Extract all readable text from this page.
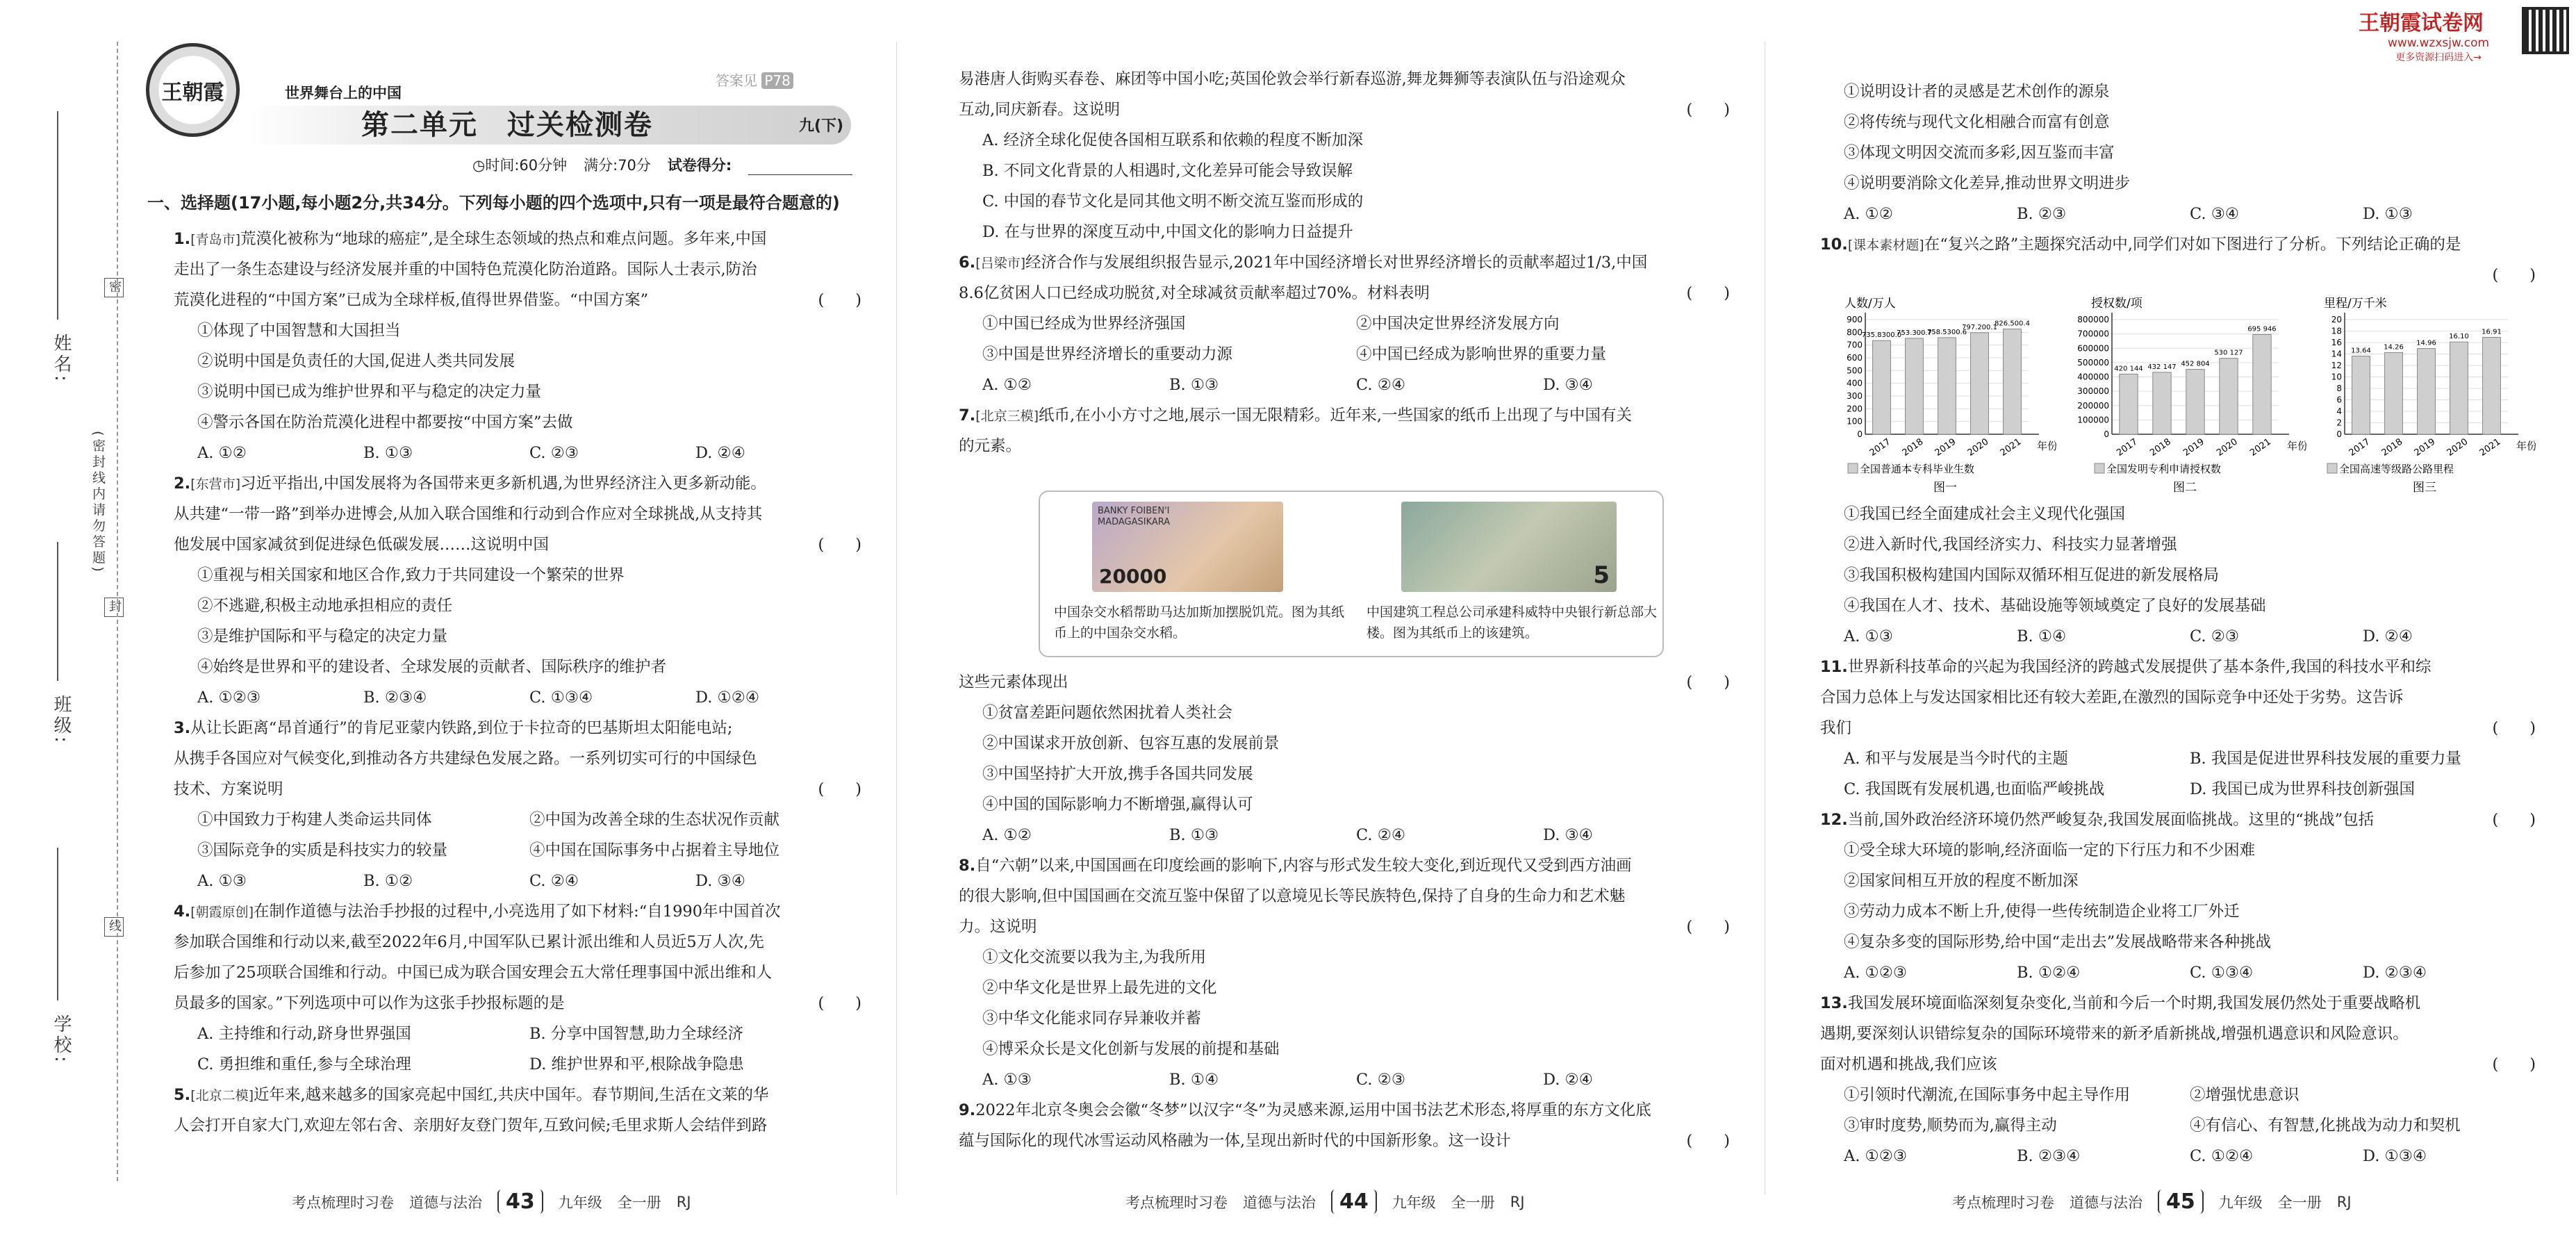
王朝霞试卷网
www.wzxsjw.com
更多资源扫码进入→
姓名:
班级:
学校:
(密封线内请勿答题)
密
封
线
王朝霞	世界舞台上的中国
答案见 P78
第二单元　过关检测卷	九(下)
◷时间:60分钟 满分:70分 试卷得分:
一、选择题(17小题,每小题2分,共34分。下列每小题的四个选项中,只有一项是最符合题意的)
1.[青岛市]荒漠化被称为“地球的癌症”,是全球生态领域的热点和难点问题。多年来,中国
走出了一条生态建设与经济发展并重的中国特色荒漠化防治道路。国际人士表示,防治
荒漠化进程的“中国方案”已成为全球样板,值得世界借鉴。“中国方案”	(　　)
①体现了中国智慧和大国担当
②说明中国是负责任的大国,促进人类共同发展
③说明中国已成为维护世界和平与稳定的决定力量
④警示各国在防治荒漠化进程中都要按“中国方案”去做
A. ①②	B. ①③	C. ②③	D. ②④
2.[东营市]习近平指出,中国发展将为各国带来更多新机遇,为世界经济注入更多新动能。
从共建“一带一路”到举办进博会,从加入联合国维和行动到合作应对全球挑战,从支持其
他发展中国家减贫到促进绿色低碳发展……这说明中国	(　　)
①重视与相关国家和地区合作,致力于共同建设一个繁荣的世界
②不逃避,积极主动地承担相应的责任
③是维护国际和平与稳定的决定力量
④始终是世界和平的建设者、全球发展的贡献者、国际秩序的维护者
A. ①②③	B. ②③④	C. ①③④	D. ①②④
3.从让长距离“昂首通行”的肯尼亚蒙内铁路,到位于卡拉奇的巴基斯坦太阳能电站;
从携手各国应对气候变化,到推动各方共建绿色发展之路。一系列切实可行的中国绿色
技术、方案说明	(　　)
①中国致力于构建人类命运共同体	②中国为改善全球的生态状况作贡献
③国际竞争的实质是科技实力的较量	④中国在国际事务中占据着主导地位
A. ①③	B. ①②	C. ②④	D. ③④
4.[朝霞原创]在制作道德与法治手抄报的过程中,小亮选用了如下材料:“自1990年中国首次
参加联合国维和行动以来,截至2022年6月,中国军队已累计派出维和人员近5万人次,先
后参加了25项联合国维和行动。中国已成为联合国安理会五大常任理事国中派出维和人
员最多的国家。”下列选项中可以作为这张手抄报标题的是	(　　)
A. 主持维和行动,跻身世界强国	B. 分享中国智慧,助力全球经济
C. 勇担维和重任,参与全球治理	D. 维护世界和平,根除战争隐患
5.[北京二模]近年来,越来越多的国家亮起中国红,共庆中国年。春节期间,生活在文莱的华
人会打开自家大门,欢迎左邻右舍、亲朋好友登门贺年,互致问候;毛里求斯人会结伴到路
易港唐人街购买春卷、麻团等中国小吃;英国伦敦会举行新春巡游,舞龙舞狮等表演队伍与沿途观众
互动,同庆新春。这说明	(　　)
A. 经济全球化促使各国相互联系和依赖的程度不断加深
B. 不同文化背景的人相遇时,文化差异可能会导致误解
C. 中国的春节文化是同其他文明不断交流互鉴而形成的
D. 在与世界的深度互动中,中国文化的影响力日益提升
6.[吕梁市]经济合作与发展组织报告显示,2021年中国经济增长对世界经济增长的贡献率超过1/3,中国
8.6亿贫困人口已经成功脱贫,对全球减贫贡献率超过70%。材料表明	(　　)
①中国已经成为世界经济强国	②中国决定世界经济发展方向
③中国是世界经济增长的重要动力源	④中国已经成为影响世界的重要力量
A. ①②	B. ①③	C. ②④	D. ③④
7.[北京三模]纸币,在小小方寸之地,展示一国无限精彩。近年来,一些国家的纸币上出现了与中国有关
的元素。
BANKY FOIBEN'I MADAGASIKARA
20000	5
中国杂交水稻帮助马达加斯加摆脱饥荒。图为其纸币上的中国杂交水稻。
中国建筑工程总公司承建科威特中央银行新总部大楼。图为其纸币上的该建筑。
这些元素体现出	(　　)
①贫富差距问题依然困扰着人类社会
②中国谋求开放创新、包容互惠的发展前景
③中国坚持扩大开放,携手各国共同发展
④中国的国际影响力不断增强,赢得认可
A. ①②	B. ①③	C. ②④	D. ③④
8.自“六朝”以来,中国国画在印度绘画的影响下,内容与形式发生较大变化,到近现代又受到西方油画
的很大影响,但中国国画在交流互鉴中保留了以意境见长等民族特色,保持了自身的生命力和艺术魅
力。这说明	(　　)
①文化交流要以我为主,为我所用
②中华文化是世界上最先进的文化
③中华文化能求同存异兼收并蓄
④博采众长是文化创新与发展的前提和基础
A. ①③	B. ①④	C. ②③	D. ②④
9.2022年北京冬奥会会徽“冬梦”以汉字“冬”为灵感来源,运用中国书法艺术形态,将厚重的东方文化底
蕴与国际化的现代冰雪运动风格融为一体,呈现出新时代的中国新形象。这一设计	(　　)
①说明设计者的灵感是艺术创作的源泉
②将传统与现代文化相融合而富有创意
③体现文明因交流而多彩,因互鉴而丰富
④说明要消除文化差异,推动世界文明进步
A. ①②	B. ②③	C. ③④	D. ①③
10.[课本素材题]在“复兴之路”主题探究活动中,同学们对如下图进行了分析。下列结论正确的是
(　　)
人数/万人
0
100
200
300
400
500
600
700
800
900
735.8300.0
2017
753.300.7
2018
758.5300.6
2019
797.200.1
2020
826.500.4
2021 年份
全国普通本专科毕业生数
图一
授权数/项
0
100000
200000
300000
400000
500000
600000
700000
800000
420 144
2017
432 147
2018
452 804
2019
530 127
2020
695 946
2021 年份
全国发明专利申请授权数
图二
里程/万千米
0
2
4
6
8
10
12
14
16
18
20
13.64
2017
14.26
2018
14.96
2019
16.10
2020
16.91
2021 年份
全国高速等级路公路里程
图三
①我国已经全面建成社会主义现代化强国
②进入新时代,我国经济实力、科技实力显著增强
③我国积极构建国内国际双循环相互促进的新发展格局
④我国在人才、技术、基础设施等领域奠定了良好的发展基础
A. ①③	B. ①④	C. ②③	D. ②④
11.世界新科技革命的兴起为我国经济的跨越式发展提供了基本条件,我国的科技水平和综
合国力总体上与发达国家相比还有较大差距,在激烈的国际竞争中还处于劣势。这告诉
我们	(　　)
A. 和平与发展是当今时代的主题	B. 我国是促进世界科技发展的重要力量
C. 我国既有发展机遇,也面临严峻挑战	D. 我国已成为世界科技创新强国
12.当前,国外政治经济环境仍然严峻复杂,我国发展面临挑战。这里的“挑战”包括	(　　)
①受全球大环境的影响,经济面临一定的下行压力和不少困难
②国家间相互开放的程度不断加深
③劳动力成本不断上升,使得一些传统制造企业将工厂外迁
④复杂多变的国际形势,给中国“走出去”发展战略带来各种挑战
A. ①②③	B. ①②④	C. ①③④	D. ②③④
13.我国发展环境面临深刻复杂变化,当前和今后一个时期,我国发展仍然处于重要战略机
遇期,要深刻认识错综复杂的国际环境带来的新矛盾新挑战,增强机遇意识和风险意识。
面对机遇和挑战,我们应该	(　　)
①引领时代潮流,在国际事务中起主导作用	②增强忧患意识
③审时度势,顺势而为,赢得主动	④有信心、有智慧,化挑战为动力和契机
A. ①②③	B. ②③④	C. ①②④	D. ①③④
考点梳理时习卷 道德与法治	43	九年级 全一册 RJ	考点梳理时习卷 道德与法治	44	九年级 全一册 RJ	考点梳理时习卷 道德与法治	45	九年级 全一册 RJ
